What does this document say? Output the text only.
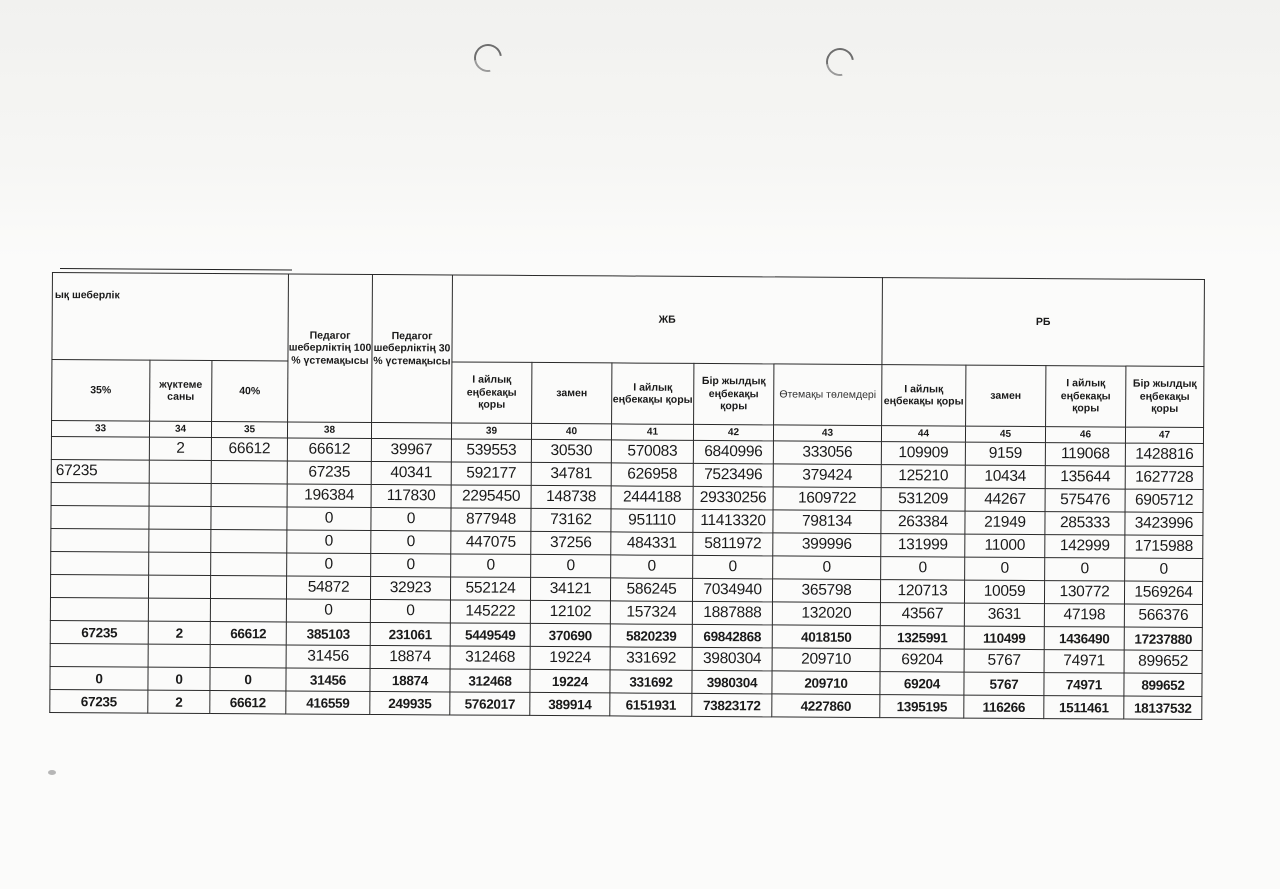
ық шеберлік			Педагог шеберліктің 100 % үстемақысы	Педагог шеберліктің 30 % үстемақысы	ЖБ					РБ			
35%	жүктеме саны	40%			І айлық еңбекақы қоры	замен	І айлық еңбекақы қоры	Бір жылдық еңбекақы қоры	Өтемақы төлемдері	І айлық еңбекақы қоры	замен	І айлық еңбекақы қоры	Бір жылдық еңбекақы қоры
33	34	35	38		39	40	41	42	43	44	45	46	47
	2	66612	66612	39967	539553	30530	570083	6840996	333056	109909	9159	119068	1428816
67235			67235	40341	592177	34781	626958	7523496	379424	125210	10434	135644	1627728
			196384	117830	2295450	148738	2444188	29330256	1609722	531209	44267	575476	6905712
			0	0	877948	73162	951110	11413320	798134	263384	21949	285333	3423996
			0	0	447075	37256	484331	5811972	399996	131999	11000	142999	1715988
			0	0	0	0	0	0	0	0	0	0	0
			54872	32923	552124	34121	586245	7034940	365798	120713	10059	130772	1569264
			0	0	145222	12102	157324	1887888	132020	43567	3631	47198	566376
67235	2	66612	385103	231061	5449549	370690	5820239	69842868	4018150	1325991	110499	1436490	17237880
			31456	18874	312468	19224	331692	3980304	209710	69204	5767	74971	899652
0	0	0	31456	18874	312468	19224	331692	3980304	209710	69204	5767	74971	899652
67235	2	66612	416559	249935	5762017	389914	6151931	73823172	4227860	1395195	116266	1511461	18137532
